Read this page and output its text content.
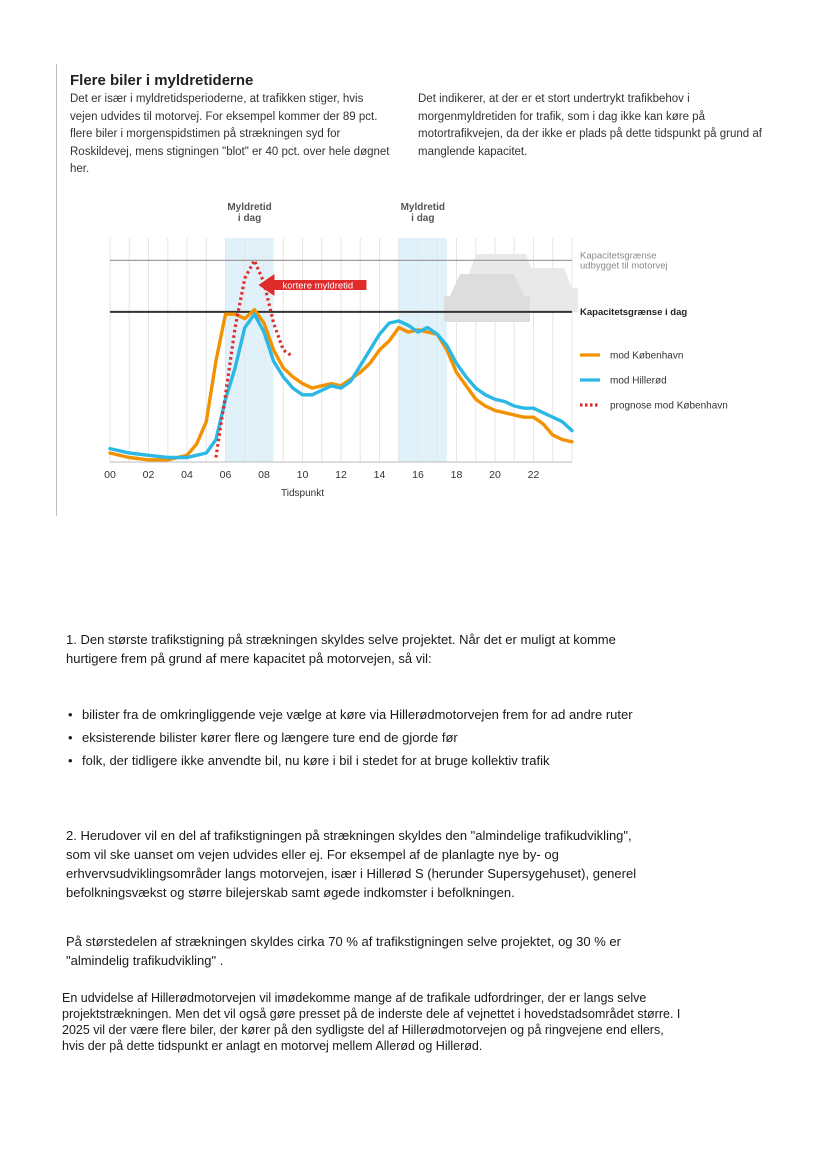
Flere biler i myldretiderne
Det er især i myldretidsperioderne, at trafikken stiger, hvis vejen udvides til motorvej. For eksempel kommer der 89 pct. flere biler i morgenspidstimen på strækningen syd for Roskildevej, mens stigningen "blot" er 40 pct. over hele døgnet her.
Det indikerer, at der er et stort undertrykt trafikbehov i morgenmyldretiden for trafik, som i dag ikke kan køre på motortrafikvejen, da der ikke er plads på dette tidspunkt på grund af manglende kapacitet.
Myldretid
i dag
Myldretid
i dag
Kapacitetsgrænse
udbygget til motorvej
Kapacitetsgrænse i dag
mod København
mod Hillerød
prognose mod København
kortere myldretid
00	02	04	06	08	10	12	14	16	18	20	22
Tidspunkt
1. Den største trafikstigning på strækningen skyldes selve projektet. Når det er muligt at komme hurtigere frem på grund af mere kapacitet på motorvejen, så vil:
• bilister fra de omkringliggende veje vælge at køre via Hillerødmotorvejen frem for ad andre ruter
• eksisterende bilister kører flere og længere ture end de gjorde før
• folk, der tidligere ikke anvendte bil, nu køre i bil i stedet for at bruge kollektiv trafik
2. Herudover vil en del af trafikstigningen på strækningen skyldes den "almindelige trafikudvikling", som vil ske uanset om vejen udvides eller ej. For eksempel af de planlagte nye by- og erhvervsudviklingsområder langs motorvejen, især i Hillerød S (herunder Supersygehuset), generel befolkningsvækst og større bilejerskab samt øgede indkomster i befolkningen.
På størstedelen af strækningen skyldes cirka 70 % af trafikstigningen selve projektet, og 30 % er "almindelig trafikudvikling" .
En udvidelse af Hillerødmotorvejen vil imødekomme mange af de trafikale udfordringer, der er langs selve projektstrækningen. Men det vil også gøre presset på de inderste dele af vejnettet i hovedstadsområdet større. I 2025 vil der være flere biler, der kører på den sydligste del af Hillerødmotorvejen og på ringvejene end ellers, hvis der på dette tidspunkt er anlagt en motorvej mellem Allerød og Hillerød.
